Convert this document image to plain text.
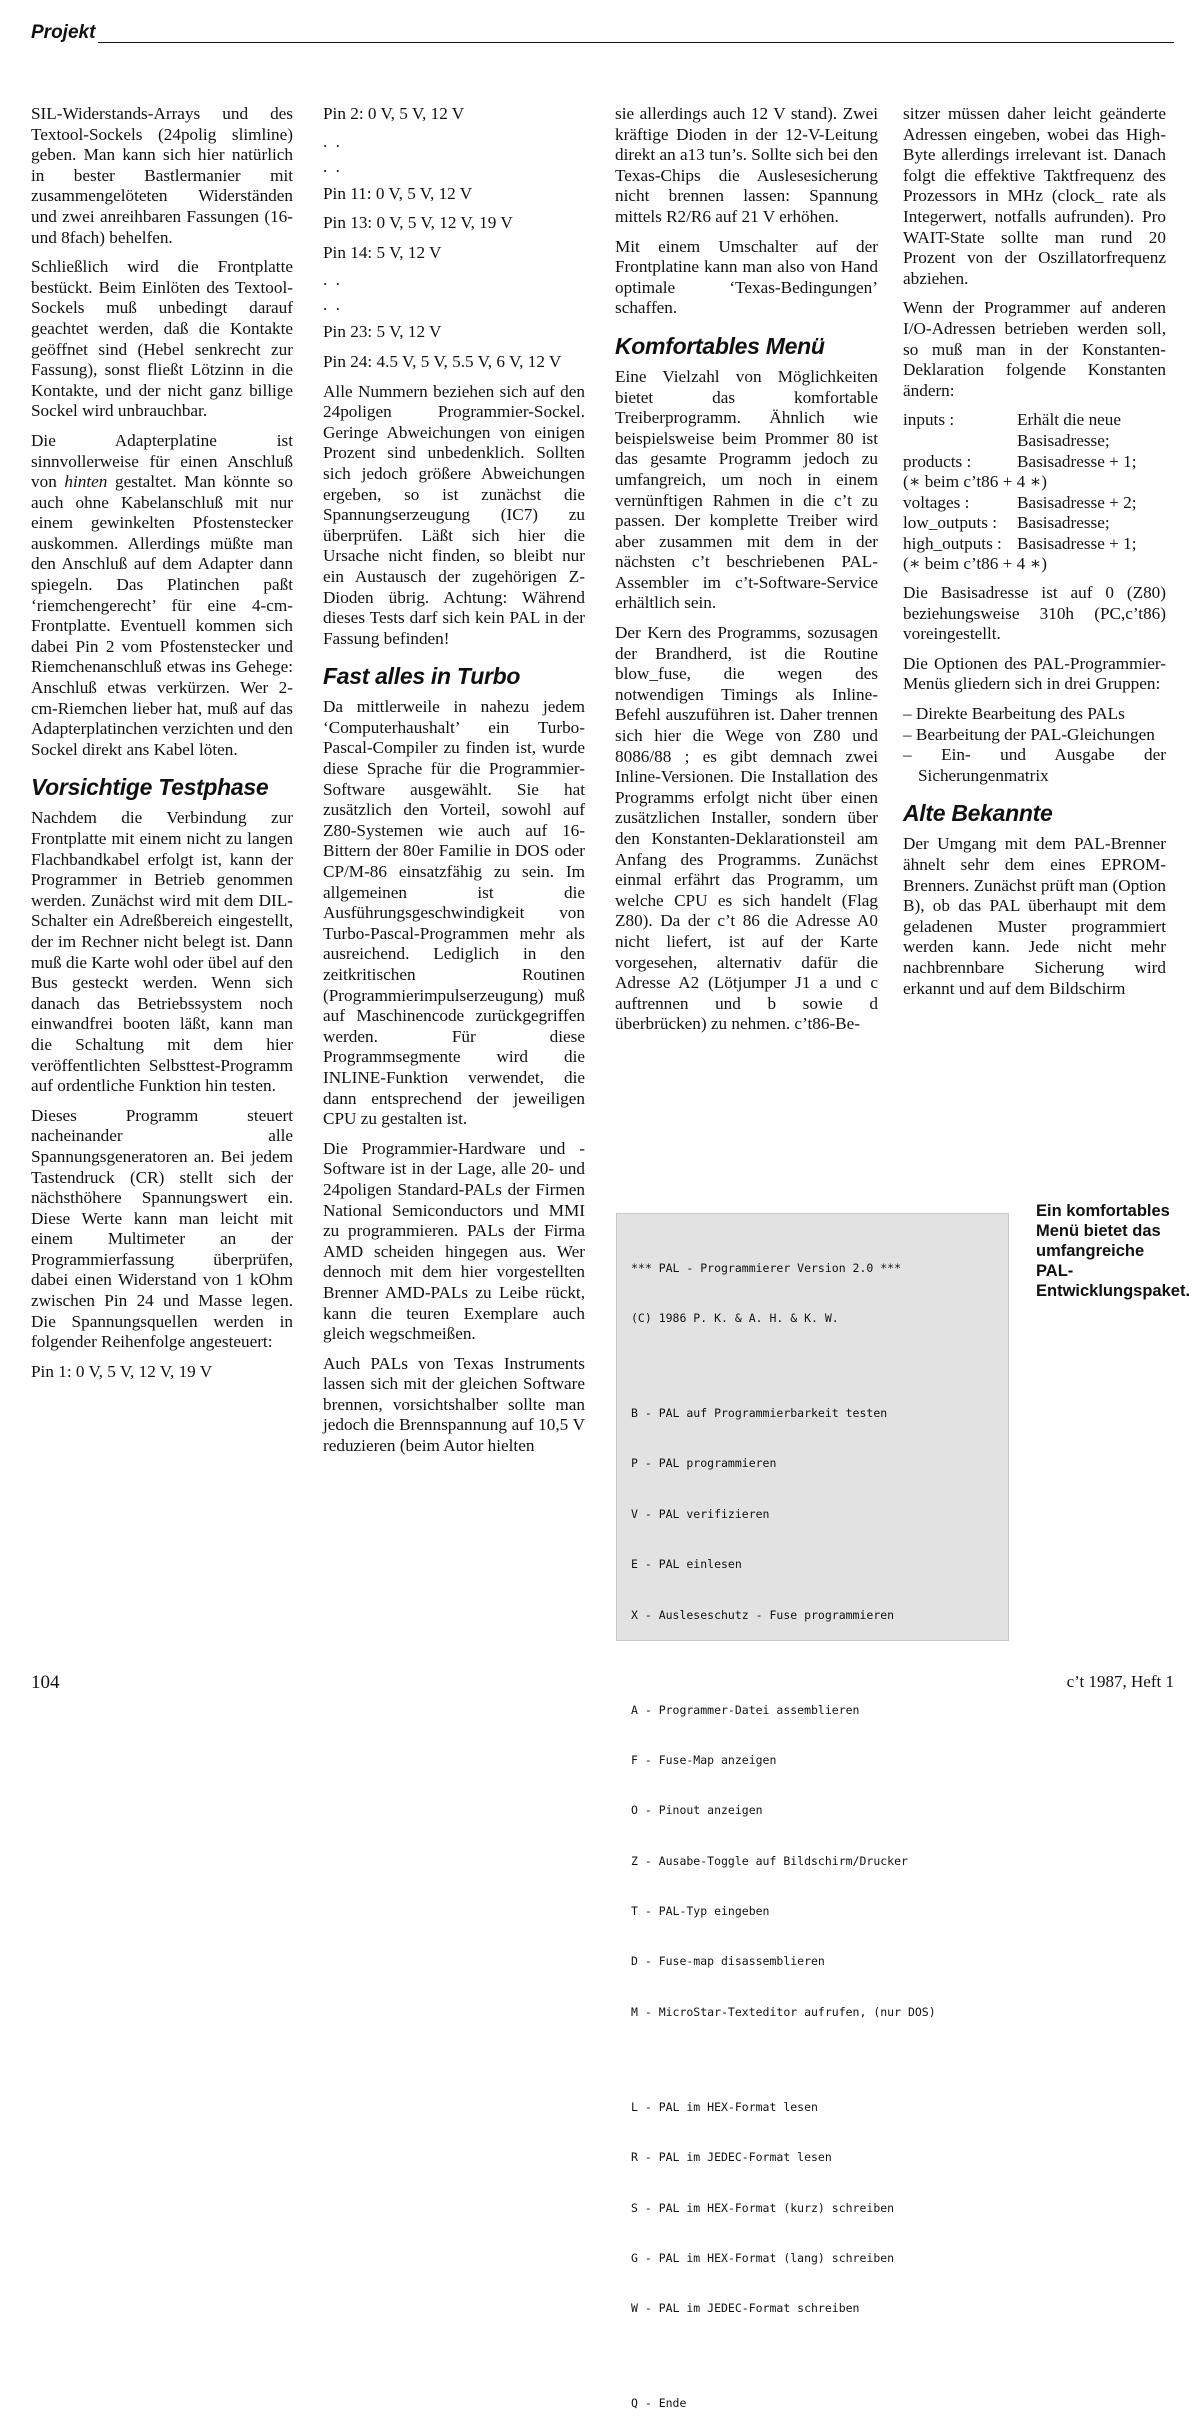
Projekt

SIL-Widerstands-Arrays und des Textool-Sockels (24polig slimline) geben. Man kann sich hier natürlich in bester Bastlermanier mit zusammengelöteten Widerständen und zwei anreihbaren Fassungen (16- und 8fach) behelfen.

Schließlich wird die Frontplatte bestückt. Beim Einlöten des Textool-Sockels muß unbedingt darauf geachtet werden, daß die Kontakte geöffnet sind (Hebel senkrecht zur Fassung), sonst fließt Lötzinn in die Kontakte, und der nicht ganz billige Sockel wird unbrauchbar.

Die Adapterplatine ist sinnvollerweise für einen Anschluß von hinten gestaltet. Man könnte so auch ohne Kabelanschluß mit nur einem gewinkelten Pfostenstecker auskommen. Allerdings müßte man den Anschluß auf dem Adapter dann spiegeln. Das Platinchen paßt ‘riemchengerecht’ für eine 4-cm-Frontplatte. Eventuell kommen sich dabei Pin 2 vom Pfostenstecker und Riemchenanschluß etwas ins Gehege: Anschluß etwas verkürzen. Wer 2-cm-Riemchen lieber hat, muß auf das Adapterplatinchen verzichten und den Sockel direkt ans Kabel löten.

Vorsichtige Testphase

Nachdem die Verbindung zur Frontplatte mit einem nicht zu langen Flachbandkabel erfolgt ist, kann der Programmer in Betrieb genommen werden. Zunächst wird mit dem DIL-Schalter ein Adreßbereich eingestellt, der im Rechner nicht belegt ist. Dann muß die Karte wohl oder übel auf den Bus gesteckt werden. Wenn sich danach das Betriebssystem noch einwandfrei booten läßt, kann man die Schaltung mit dem hier veröffentlichten Selbsttest-Programm auf ordentliche Funktion hin testen.

Dieses Programm steuert nacheinander alle Spannungsgeneratoren an. Bei jedem Tastendruck (CR) stellt sich der nächsthöhere Spannungswert ein. Diese Werte kann man leicht mit einem Multimeter an der Programmierfassung überprüfen, dabei einen Widerstand von 1 kOhm zwischen Pin 24 und Masse legen. Die Spannungsquellen werden in folgender Reihenfolge angesteuert:

Pin 1: 0 V, 5 V, 12 V, 19 V

Pin 2: 0 V, 5 V, 12 V

. .

. .

Pin 11: 0 V, 5 V, 12 V

Pin 13: 0 V, 5 V, 12 V, 19 V

Pin 14: 5 V, 12 V

. .

. .

Pin 23: 5 V, 12 V

Pin 24: 4.5 V, 5 V, 5.5 V, 6 V, 12 V

Alle Nummern beziehen sich auf den 24poligen Programmier-Sockel. Geringe Abweichungen von einigen Prozent sind unbedenklich. Sollten sich jedoch größere Abweichungen ergeben, so ist zunächst die Spannungserzeugung (IC7) zu überprüfen. Läßt sich hier die Ursache nicht finden, so bleibt nur ein Austausch der zugehörigen Z-Dioden übrig. Achtung: Während dieses Tests darf sich kein PAL in der Fassung befinden!

Fast alles in Turbo

Da mittlerweile in nahezu jedem ‘Computerhaushalt’ ein Turbo-Pascal-Compiler zu finden ist, wurde diese Sprache für die Programmier-Software ausgewählt. Sie hat zusätzlich den Vorteil, sowohl auf Z80-Systemen wie auch auf 16-Bittern der 80er Familie in DOS oder CP/M-86 einsatzfähig zu sein. Im allgemeinen ist die Ausführungsgeschwindigkeit von Turbo-Pascal-Programmen mehr als ausreichend. Lediglich in den zeitkritischen Routinen (Programmierimpulserzeugung) muß auf Maschinencode zurückgegriffen werden. Für diese Programmsegmente wird die INLINE-Funktion verwendet, die dann entsprechend der jeweiligen CPU zu gestalten ist.

Die Programmier-Hardware und -Software ist in der Lage, alle 20- und 24poligen Standard-PALs der Firmen National Semiconductors und MMI zu programmieren. PALs der Firma AMD scheiden hingegen aus. Wer dennoch mit dem hier vorgestellten Brenner AMD-PALs zu Leibe rückt, kann die teuren Exemplare auch gleich wegschmeißen.

Auch PALs von Texas Instruments lassen sich mit der gleichen Software brennen, vorsichtshalber sollte man jedoch die Brennspannung auf 10,5 V reduzieren (beim Autor hielten

sie allerdings auch 12 V stand). Zwei kräftige Dioden in der 12-V-Leitung direkt an a13 tun’s. Sollte sich bei den Texas-Chips die Auslesesicherung nicht brennen lassen: Spannung mittels R2/R6 auf 21 V erhöhen.

Mit einem Umschalter auf der Frontplatine kann man also von Hand optimale ‘Texas-Bedingungen’ schaffen.

Komfortables Menü

Eine Vielzahl von Möglichkeiten bietet das komfortable Treiberprogramm. Ähnlich wie beispielsweise beim Prommer 80 ist das gesamte Programm jedoch zu umfangreich, um noch in einem vernünftigen Rahmen in die c’t zu passen. Der komplette Treiber wird aber zusammen mit dem in der nächsten c’t beschriebenen PAL-Assembler im c’t-Software-Service erhältlich sein.

Der Kern des Programms, sozusagen der Brandherd, ist die Routine blow_fuse, die wegen des notwendigen Timings als Inline-Befehl auszuführen ist. Daher trennen sich hier die Wege von Z80 und 8086/88 ; es gibt demnach zwei Inline-Versionen. Die Installation des Programms erfolgt nicht über einen zusätzlichen Installer, sondern über den Konstanten-Deklarationsteil am Anfang des Programms. Zunächst einmal erfährt das Programm, um welche CPU es sich handelt (Flag Z80). Da der c’t 86 die Adresse A0 nicht liefert, ist auf der Karte vorgesehen, alternativ dafür die Adresse A2 (Lötjumper J1 a und c auftrennen und b sowie d überbrücken) zu nehmen. c’t86-Be-

sitzer müssen daher leicht geänderte Adressen eingeben, wobei das High-Byte allerdings irrelevant ist. Danach folgt die effektive Taktfrequenz des Prozessors in MHz (clock_ rate als Integerwert, notfalls aufrunden). Pro WAIT-State sollte man rund 20 Prozent von der Oszillatorfrequenz abziehen.

Wenn der Programmer auf anderen I/O-Adressen betrieben werden soll, so muß man in der Konstanten-Deklaration folgende Konstanten ändern:

inputs :	Erhält die neue Basisadresse;
products :	Basisadresse + 1;
(∗ beim c’t86 + 4 ∗)
voltages :	Basisadresse + 2;
low_outputs :	Basisadresse;
high_outputs : Basisadresse + 1;
(∗ beim c’t86 + 4 ∗)

Die Basisadresse ist auf 0 (Z80) beziehungsweise 310h (PC,c’t86) voreingestellt.

Die Optionen des PAL-Programmier-Menüs gliedern sich in drei Gruppen:

– Direkte Bearbeitung des PALs
– Bearbeitung der PAL-Gleichungen
– Ein- und Ausgabe der Sicherungenmatrix
Alte Bekannte

Der Umgang mit dem PAL-Brenner ähnelt sehr dem eines EPROM-Brenners. Zunächst prüft man (Option B), ob das PAL überhaupt mit dem geladenen Muster programmiert werden kann. Jede nicht mehr nachbrennbare Sicherung wird erkannt und auf dem Bildschirm

*** PAL - Programmierer Version 2.0 ***

(C) 1986 P. K. & A. H. & K. W.

B - PAL auf Programmierbarkeit testen

P - PAL programmieren

V - PAL verifizieren

E - PAL einlesen

X - Ausleseschutz - Fuse programmieren

A - Programmer-Datei assemblieren

F - Fuse-Map anzeigen

O - Pinout anzeigen

Z - Ausabe-Toggle auf Bildschirm/Drucker

T - PAL-Typ eingeben

D - Fuse-map disassemblieren

M - MicroStar-Texteditor aufrufen, (nur DOS)

L - PAL im HEX-Format lesen

R - PAL im JEDEC-Format lesen

S - PAL im HEX-Format (kurz) schreiben

G - PAL im HEX-Format (lang) schreiben

W - PAL im JEDEC-Format schreiben

Q - Ende

Ein komfortables Menü bietet das umfangreiche PAL-Entwicklungspaket.
104	c’t 1987, Heft 1
